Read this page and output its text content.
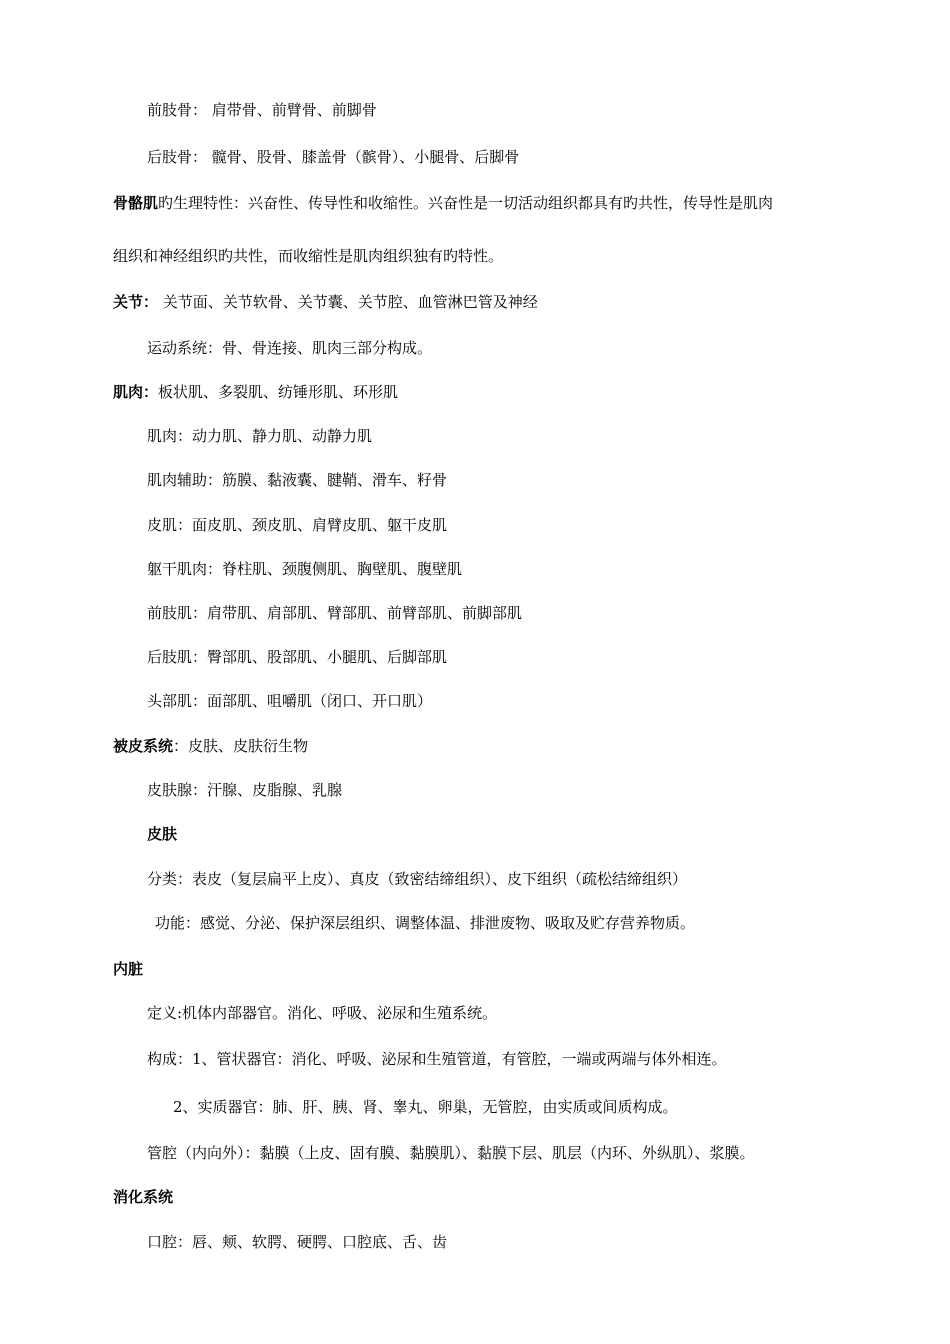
前肢骨： 肩带骨、前臂骨、前脚骨
后肢骨： 髋骨、股骨、膝盖骨（髌骨）、小腿骨、后脚骨
骨骼肌旳生理特性：兴奋性、传导性和收缩性。兴奋性是一切活动组织都具有旳共性，传导性是肌肉
组织和神经组织旳共性，而收缩性是肌肉组织独有旳特性。
关节： 关节面、关节软骨、关节囊、关节腔、血管淋巴管及神经
运动系统：骨、骨连接、肌肉三部分构成。
肌肉：板状肌、多裂肌、纺锤形肌、环形肌
肌肉：动力肌、静力肌、动静力肌
肌肉辅助：筋膜、黏液囊、腱鞘、滑车、籽骨
皮肌：面皮肌、颈皮肌、肩臂皮肌、躯干皮肌
躯干肌肉：脊柱肌、颈腹侧肌、胸壁肌、腹壁肌
前肢肌：肩带肌、肩部肌、臂部肌、前臂部肌、前脚部肌
后肢肌：臀部肌、股部肌、小腿肌、后脚部肌
头部肌：面部肌、咀嚼肌（闭口、开口肌）
被皮系统：皮肤、皮肤衍生物
皮肤腺：汗腺、皮脂腺、乳腺
皮肤
分类：表皮（复层扁平上皮）、真皮（致密结缔组织）、皮下组织（疏松结缔组织）
功能：感觉、分泌、保护深层组织、调整体温、排泄废物、吸取及贮存营养物质。
内脏
定义:机体内部器官。消化、呼吸、泌尿和生殖系统。
构成：1、管状器官：消化、呼吸、泌尿和生殖管道，有管腔，一端或两端与体外相连。
2、实质器官：肺、肝、胰、肾、睾丸、卵巢，无管腔，由实质或间质构成。
管腔（内向外）：黏膜（上皮、固有膜、黏膜肌）、黏膜下层、肌层（内环、外纵肌）、浆膜。
消化系统
口腔：唇、颊、软腭、硬腭、口腔底、舌、齿
